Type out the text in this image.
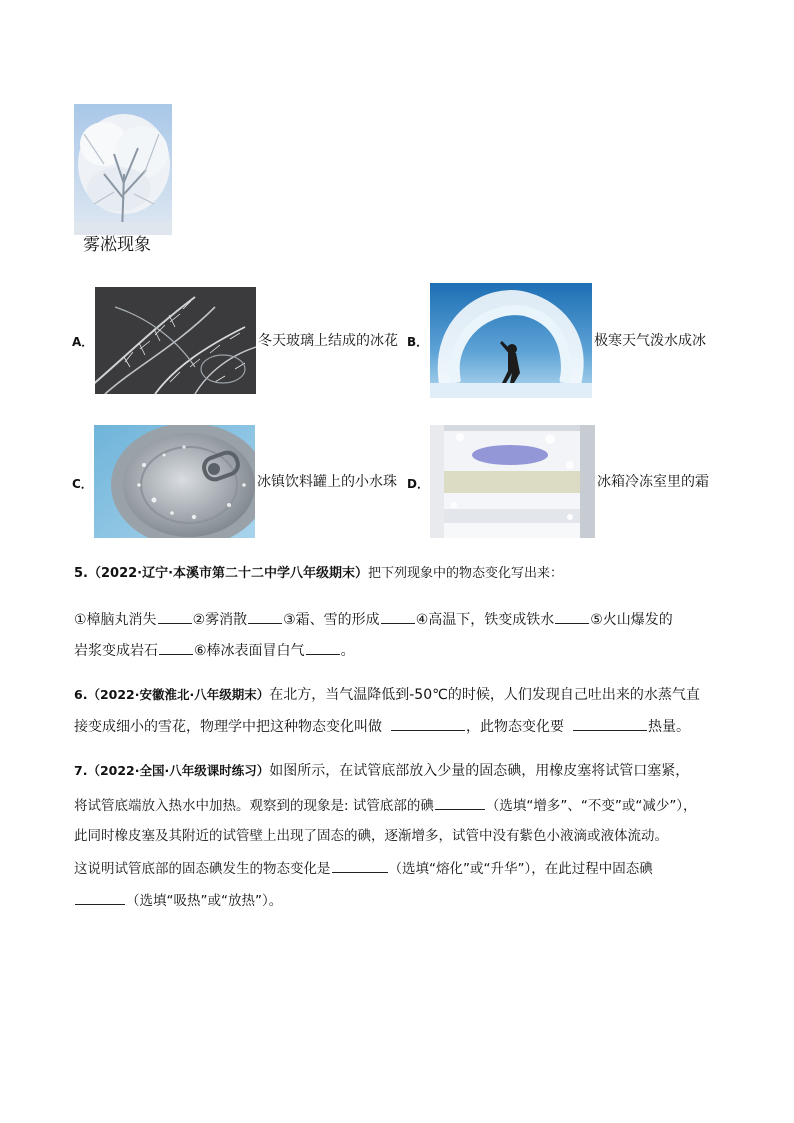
雾凇现象
A．	冬天玻璃上结成的冰花 B．	极寒天气泼水成冰
C．	冰镇饮料罐上的小水珠 D．	冰箱冷冻室里的霜
5.（2022·辽宁·本溪市第二十二中学八年级期末）把下列现象中的物态变化写出来：
①樟脑丸消失	②雾消散	③霜、雪的形成	④高温下，铁变成铁水	⑤火山爆发的
岩浆变成岩石	⑥棒冰表面冒白气	。
6.（2022·安徽淮北·八年级期末）在北方，当气温降低到-50℃的时候，人们发现自己吐出来的水蒸气直
接变成细小的雪花，物理学中把这种物态变化叫做	，此物态变化要	热量。
7.（2022·全国·八年级课时练习）如图所示，在试管底部放入少量的固态碘，用橡皮塞将试管口塞紧，
将试管底端放入热水中加热。观察到的现象是: 试管底部的碘	（选填“增多”、“不变”或“减少”），
此同时橡皮塞及其附近的试管壁上出现了固态的碘，逐渐增多，试管中没有紫色小液滴或液体流动。
这说明试管底部的固态碘发生的物态变化是	（选填“熔化”或“升华”），在此过程中固态碘
（选填“吸热”或“放热”）。
